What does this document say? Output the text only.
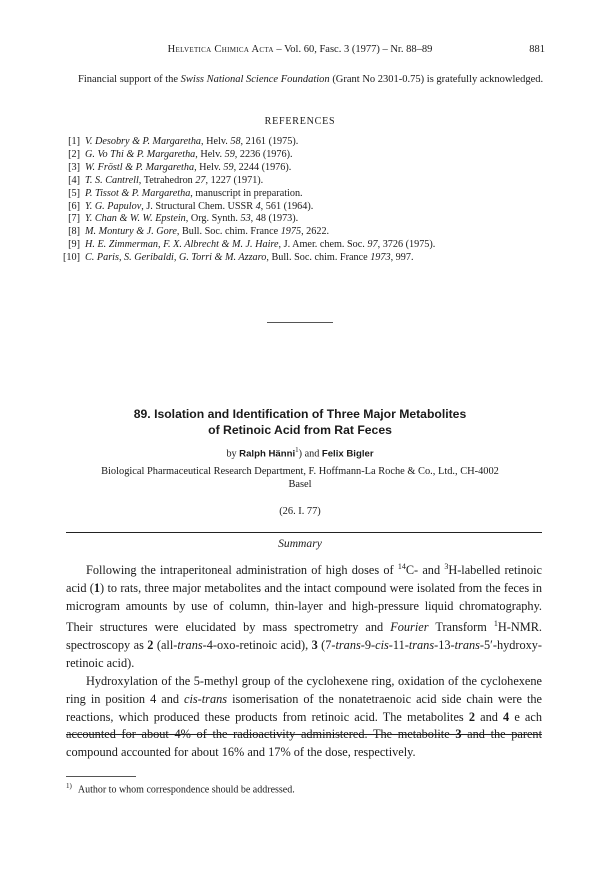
Helvetica Chimica Acta – Vol. 60, Fasc. 3 (1977) – Nr. 88–89	881
Financial support of the Swiss National Science Foundation (Grant No 2301-0.75) is gratefully acknowledged.
REFERENCES
[1] V. Desobry & P. Margaretha, Helv. 58, 2161 (1975).
[2] G. Vo Thi & P. Margaretha, Helv. 59, 2236 (1976).
[3] W. Fröstl & P. Margaretha, Helv. 59, 2244 (1976).
[4] T. S. Cantrell, Tetrahedron 27, 1227 (1971).
[5] P. Tissot & P. Margaretha, manuscript in preparation.
[6] Y. G. Papulov, J. Structural Chem. USSR 4, 561 (1964).
[7] Y. Chan & W. W. Epstein, Org. Synth. 53, 48 (1973).
[8] M. Montury & J. Gore, Bull. Soc. chim. France 1975, 2622.
[9] H. E. Zimmerman, F. X. Albrecht & M. J. Haire, J. Amer. chem. Soc. 97, 3726 (1975).
[10] C. Paris, S. Geribaldi, G. Torri & M. Azzaro, Bull. Soc. chim. France 1973, 997.
89. Isolation and Identification of Three Major Metabolites
of Retinoic Acid from Rat Feces
by Ralph Hänni$^1$) and Felix Bigler
Biological Pharmaceutical Research Department, F. Hoffmann-La Roche & Co., Ltd., CH-4002 Basel
(26. I. 77)
Summary

Following the intraperitoneal administration of high doses of $^{14}$C- and $^3$H-labelled retinoic acid (1) to rats, three major metabolites and the intact compound were isolated from the feces in microgram amounts by use of column, thin-layer and high-pressure liquid chromatography. Their structures were elucidated by mass spectrometry and Fourier Transform $^1$H-NMR. spectroscopy as 2 (all-trans-4-oxo-retinoic acid), 3 (7-trans-9-cis-11-trans-13-trans-5′-hydroxy-retinoic acid).

Hydroxylation of the 5-methyl group of the cyclohexene ring, oxidation of the cyclohexene ring in position 4 and cis-trans isomerisation of the nonatetraenoic acid side chain were the reactions, which produced these products from retinoic acid. The metabolites 2 and 4 e ach accounted for about 4% of the radioactivity administered. The metabolite 3 and the parent compound accounted for about 16% and 17% of the dose, respectively.

$^{1)}$ Author to whom correspondence should be addressed.
